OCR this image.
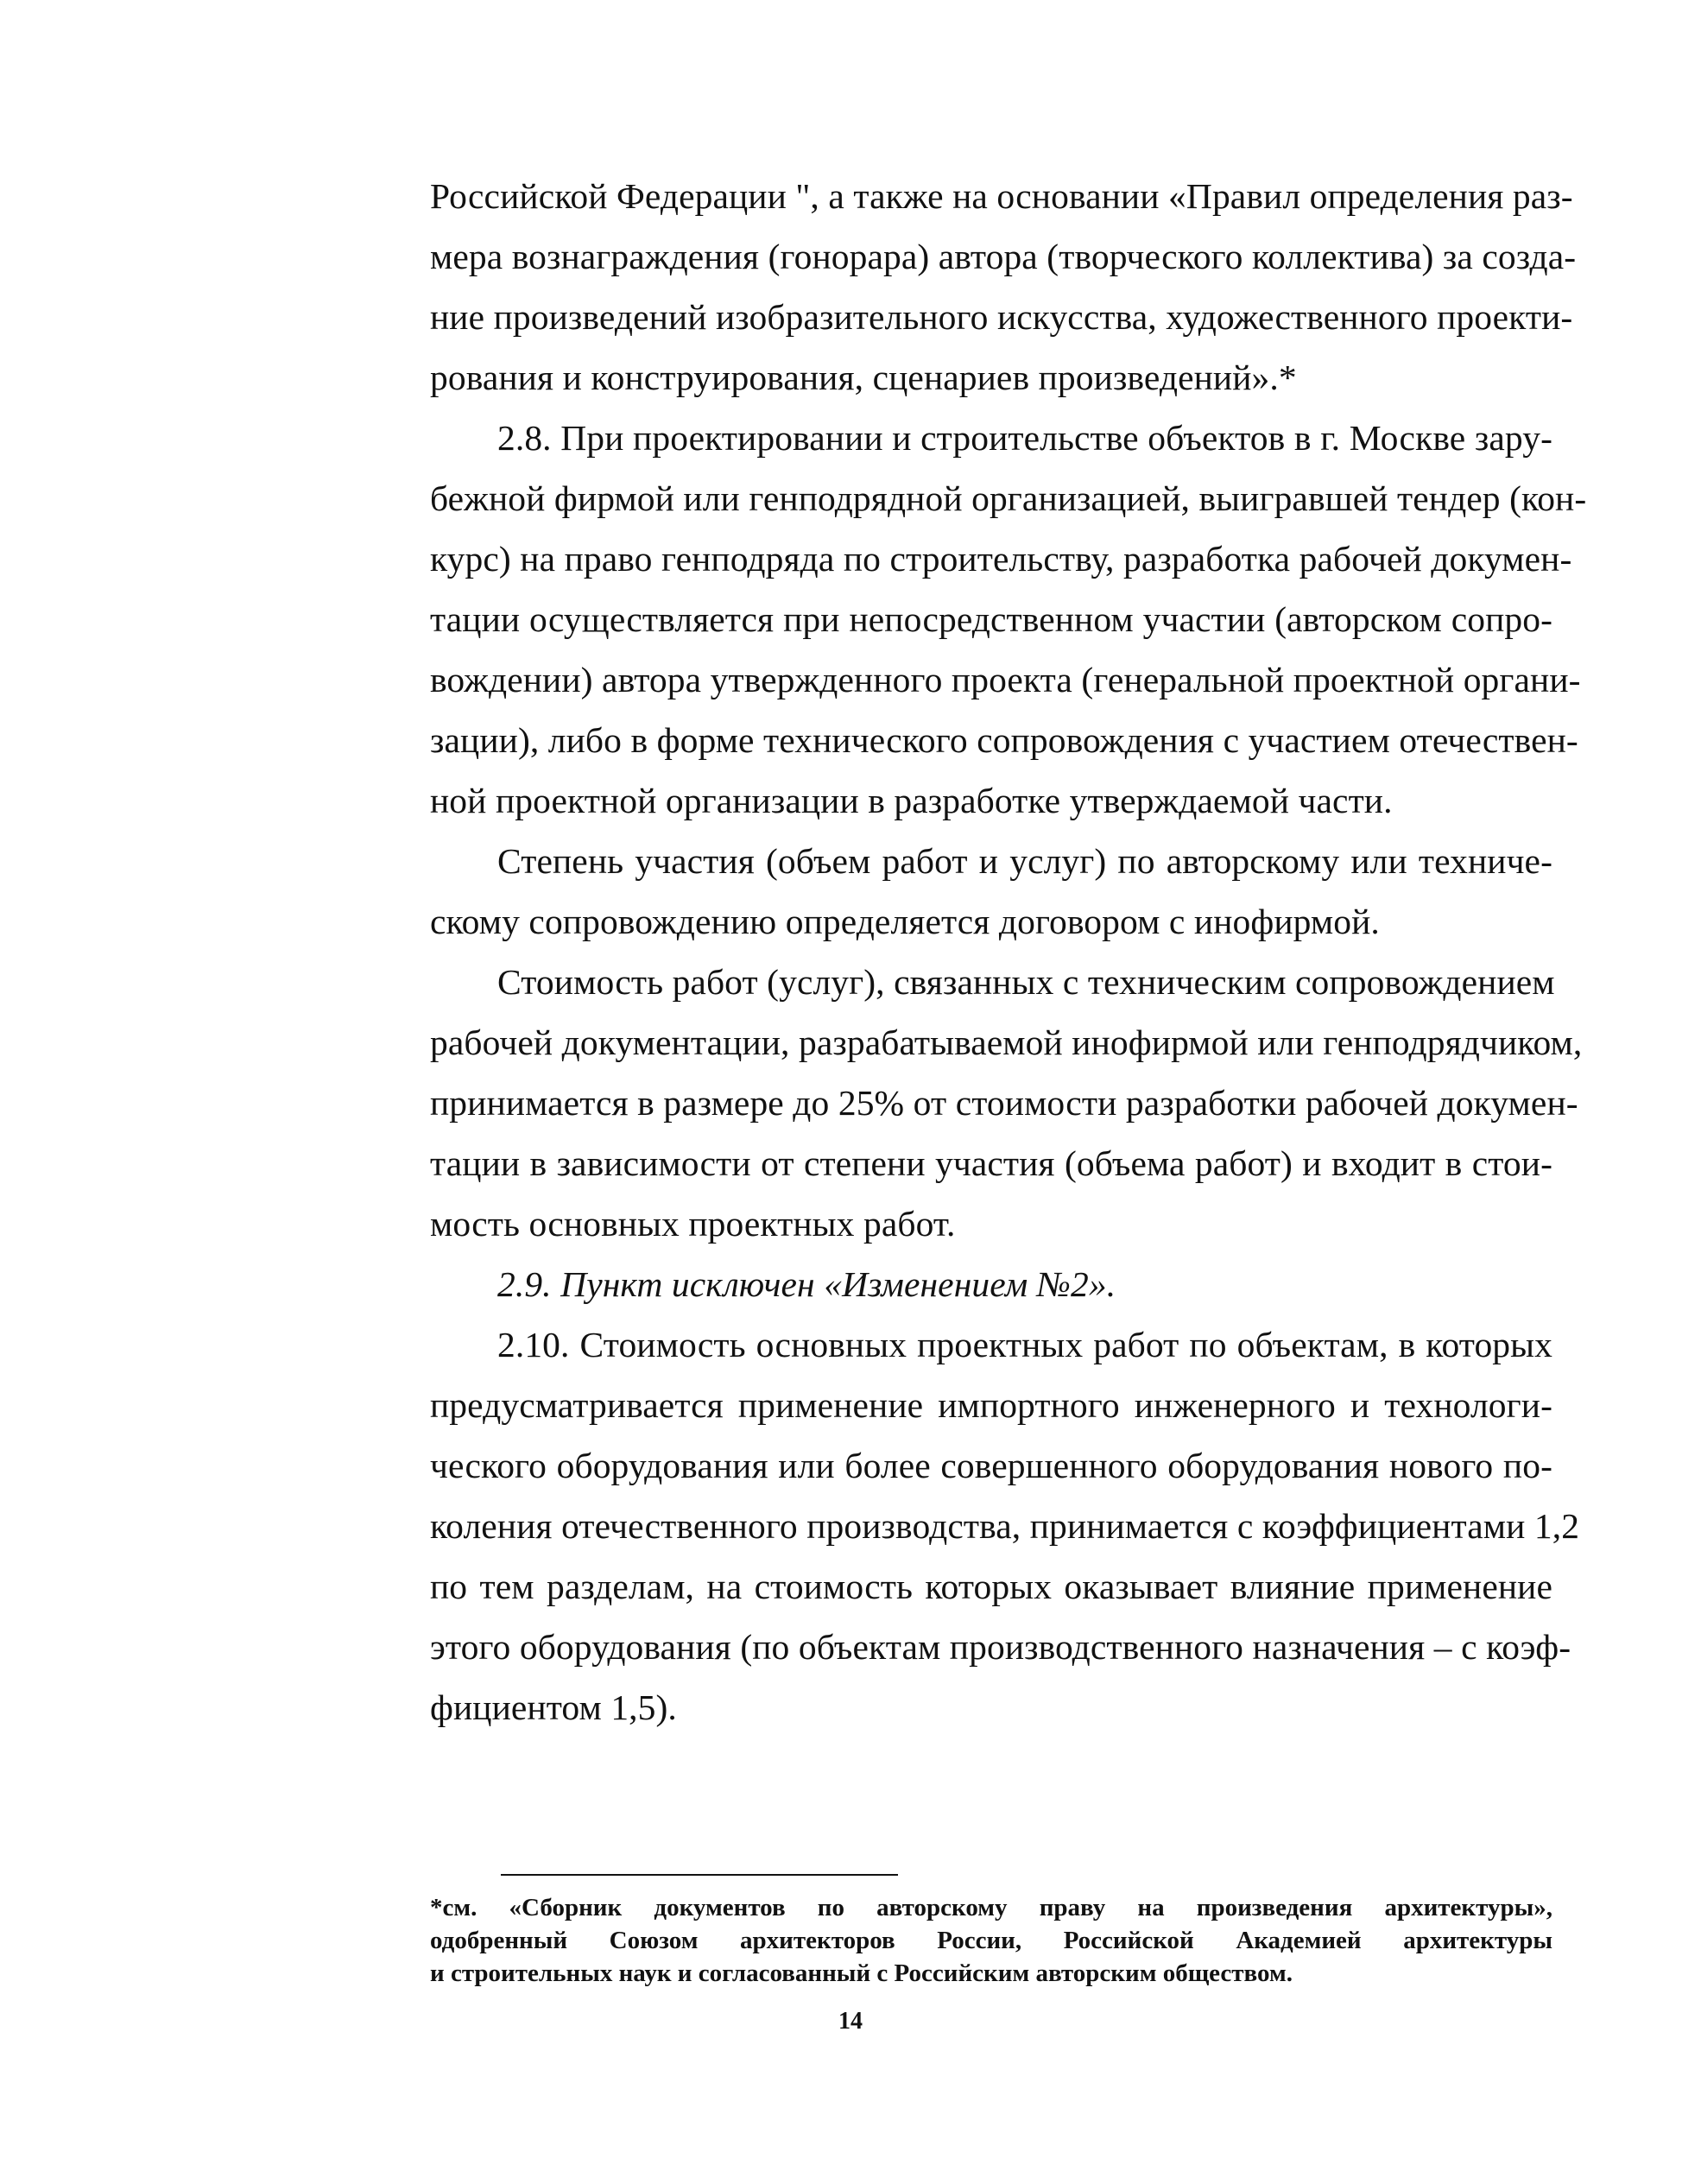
Российской Федерации ", а также на основании «Правил определения раз-
мера вознаграждения (гонорара) автора (творческого коллектива) за созда-
ние произведений изобразительного искусства, художественного проекти-
рования и конструирования, сценариев произведений».*
2.8. При проектировании и строительстве объектов в г. Москве зару-
бежной фирмой или генподрядной организацией, выигравшей тендер (кон-
курс) на право генподряда по строительству, разработка рабочей докумен-
тации осуществляется при непосредственном участии (авторском сопро-
вождении) автора утвержденного проекта (генеральной проектной органи-
зации), либо в форме технического сопровождения с участием отечествен-
ной проектной организации в разработке утверждаемой части.
Степень участия (объем работ и услуг) по авторскому или техниче-
скому сопровождению определяется договором с инофирмой.
Стоимость работ (услуг), связанных с техническим сопровождением
рабочей документации, разрабатываемой инофирмой или генподрядчиком,
принимается в размере до 25% от стоимости разработки рабочей докумен-
тации в зависимости от степени участия (объема работ) и входит в стои-
мость основных проектных работ.
2.9. Пункт исключен «Изменением №2».
2.10. Стоимость основных проектных работ по объектам, в которых
предусматривается применение импортного инженерного и технологи-
ческого оборудования или более совершенного оборудования нового по-
коления отечественного производства, принимается с коэффициентами 1,2
по тем разделам, на стоимость которых оказывает влияние применение
этого оборудования (по объектам производственного назначения – с коэф-
фициентом 1,5).
*см. «Сборник документов по авторскому праву на произведения архитектуры»,
одобренный Союзом архитекторов России, Российской Академией архитектуры
и строительных наук и согласованный с Российским авторским обществом.
14
